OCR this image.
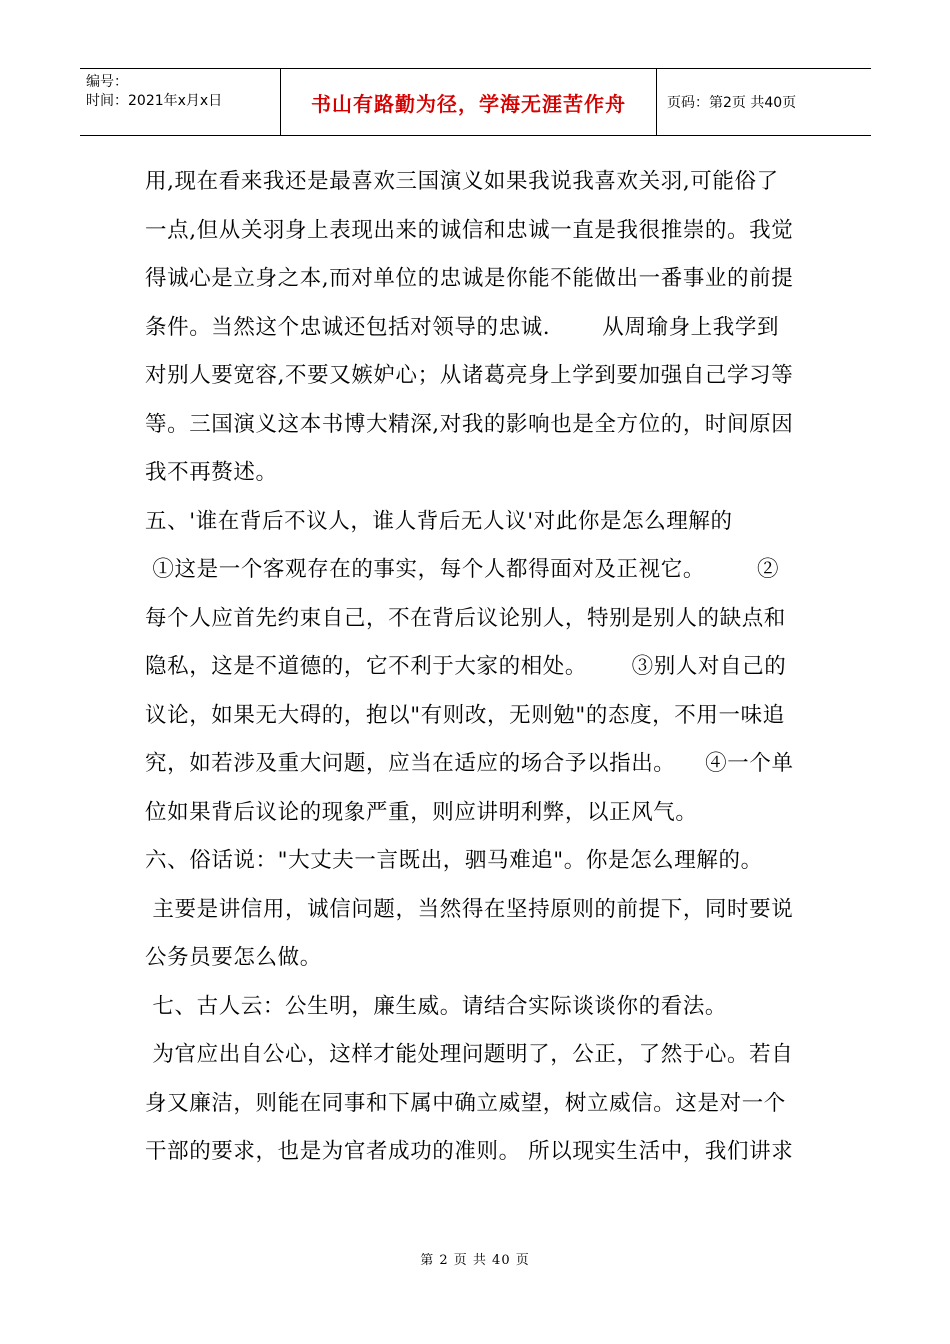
编号：
时间：2021年x月x日	书山有路勤为径，学海无涯苦作舟	页码：第2页 共40页
用,现在看来我还是最喜欢三国演义如果我说我喜欢关羽,可能俗了
一点,但从关羽身上表现出来的诚信和忠诚一直是我很推崇的。我觉
得诚心是立身之本,而对单位的忠诚是你能不能做出一番事业的前提
条件。当然这个忠诚还包括对领导的忠诚.       从周瑜身上我学到
对别人要宽容,不要又嫉妒心；从诸葛亮身上学到要加强自己学习等
等。三国演义这本书博大精深,对我的影响也是全方位的，时间原因
我不再赘述。
五、'谁在背后不议人，谁人背后无人议'对此你是怎么理解的
①这是一个客观存在的事实，每个人都得面对及正视它。       ②
每个人应首先约束自己，不在背后议论别人，特别是别人的缺点和
隐私，这是不道德的，它不利于大家的相处。      ③别人对自己的
议论，如果无大碍的，抱以"有则改，无则勉"的态度，不用一味追
究，如若涉及重大问题，应当在适应的场合予以指出。    ④一个单
位如果背后议论的现象严重，则应讲明利弊，以正风气。
六、俗话说："大丈夫一言既出，驷马难追"。你是怎么理解的。
主要是讲信用，诚信问题，当然得在坚持原则的前提下，同时要说
公务员要怎么做。
七、古人云：公生明，廉生威。请结合实际谈谈你的看法。
为官应出自公心，这样才能处理问题明了，公正，了然于心。若自
身又廉洁，则能在同事和下属中确立威望，树立威信。这是对一个
干部的要求，也是为官者成功的准则。 所以现实生活中，我们讲求
第 2 页 共 40 页
